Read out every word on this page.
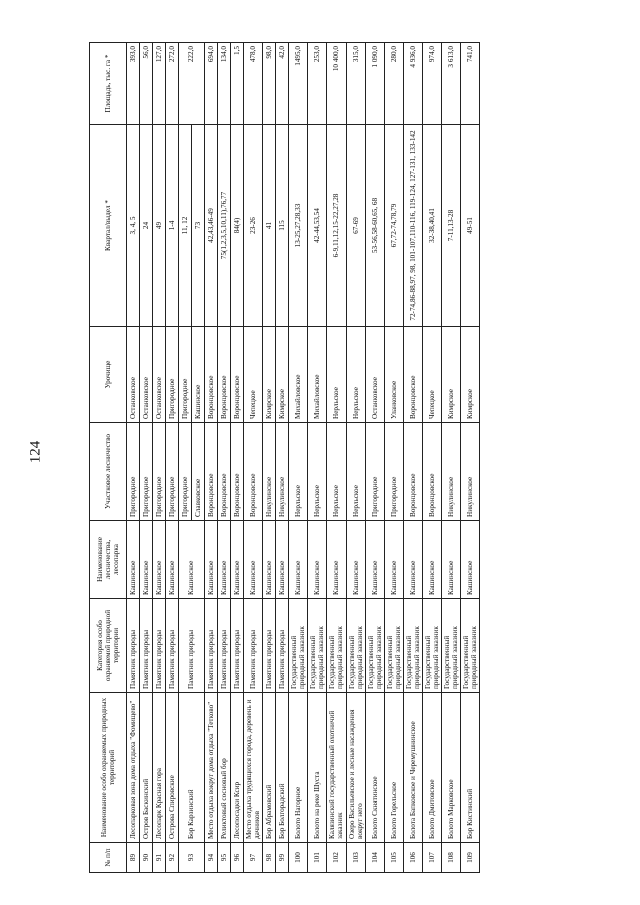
124
№ п/п	Наименование особо охраняемых природных территорий	Категория особо охраняемой природной территории	Наименование лесничества, лесопарка	Участковое лесничество	Урочище	Квартал/выдел *	Площадь, тыс. га *
89	Лесопарковая зона дома отдыха "Фомищево"	Памятник природы	Кашинское	Пригородное	Останковское	3, 4, 5	393,0
90	Остров Баскинский	Памятник природы	Кашинское	Пригородное	Останковское	24	56,0
91	Лесопарк Красная горa	Памятник природы	Кашинское	Пригородное	Останковское	49	127,0
92	Острова Спировские	Памятник природы	Кашинское	Пригородное	Пригородное	1-4	272,0
93	Бор Карзинский	Памятник природы	Кашинское	Пригородное	Пригородное	11, 12	222,0
				Славковское	Кашинское	73	
94	Место отдыха вокруг дома отдыха "Тетково"	Памятник природы	Кашинское	Воронцовское	Воронцовское	42,43,46-49	694,0
95	Реликтовый сосновый бор	Памятник природы	Кашинское	Воронцовское	Воронцовское	75(1,2,3,5,10,11),76,77	134,0
96	Лесопосадки Ксир	Памятник природы	Кашинское	Воронцовское	Воронцовское	84(4)	1,5
97	Место отдыха трудящихся города, деревень и дачников	Памятник природы	Кашинское	Воронцовское	Чепецкое	23-26	478,0
98	Бор Абрамовский	Памятник природы	Кашинское	Никулинское	Кимрское	41	98,0
99	Бор Болгорадский	Памятник природы	Кашинское	Никулинское	Кимрское	115	42,0
100	Болото Нагорное	Государственный природный заказник	Кашинское	Нерльское	Михайловское	13-25,27,28,33	1495,0
101	Болото на реке Шуста	Государственный природный заказник	Кашинское	Нерльское	Михайловское	42-44,53,54	253,0
102	Калязинский государственный охотничий заказник	Государственный природный заказник	Кашинское	Нерльское	Нерльское	6-9,11,12,15-22,27,28	10 400,0
103	Озеро Васильевское и лесные насаждения вокруг него	Государственный природный заказник	Кашинское	Нерльское	Нерльское	67-69	315,0
104	Болото Скнятинское	Государственный природный заказник	Кашинское	Пригородное	Останковское	53-56,58-60,65, 68	1 090,0
105	Болото Горельское	Государственный природный заказник	Кашинское	Пригородное	Уланковское	67,72-74,78,79	280,0
106	Болота Бапковское и Черемушнинское	Государственный природный заказник	Кашинское	Воронцовское	Воронцовское	72-74,86-88,97, 98, 101-107,110-116, 119-124, 127-131, 133-142	4 936,0
107	Болото Дмитовское	Государственный природный заказник	Кашинское	Воронцовское	Чепецкое	32-38,40,41	974,0
108	Болото Марковское	Государственный природный заказник	Кашинское	Никулинское	Кимрское	7-11,13-28	3 613,0
109	Бор Кистинский	Государственный природный заказник	Кашинское	Никулинское	Кимрское	49-51	741,0
